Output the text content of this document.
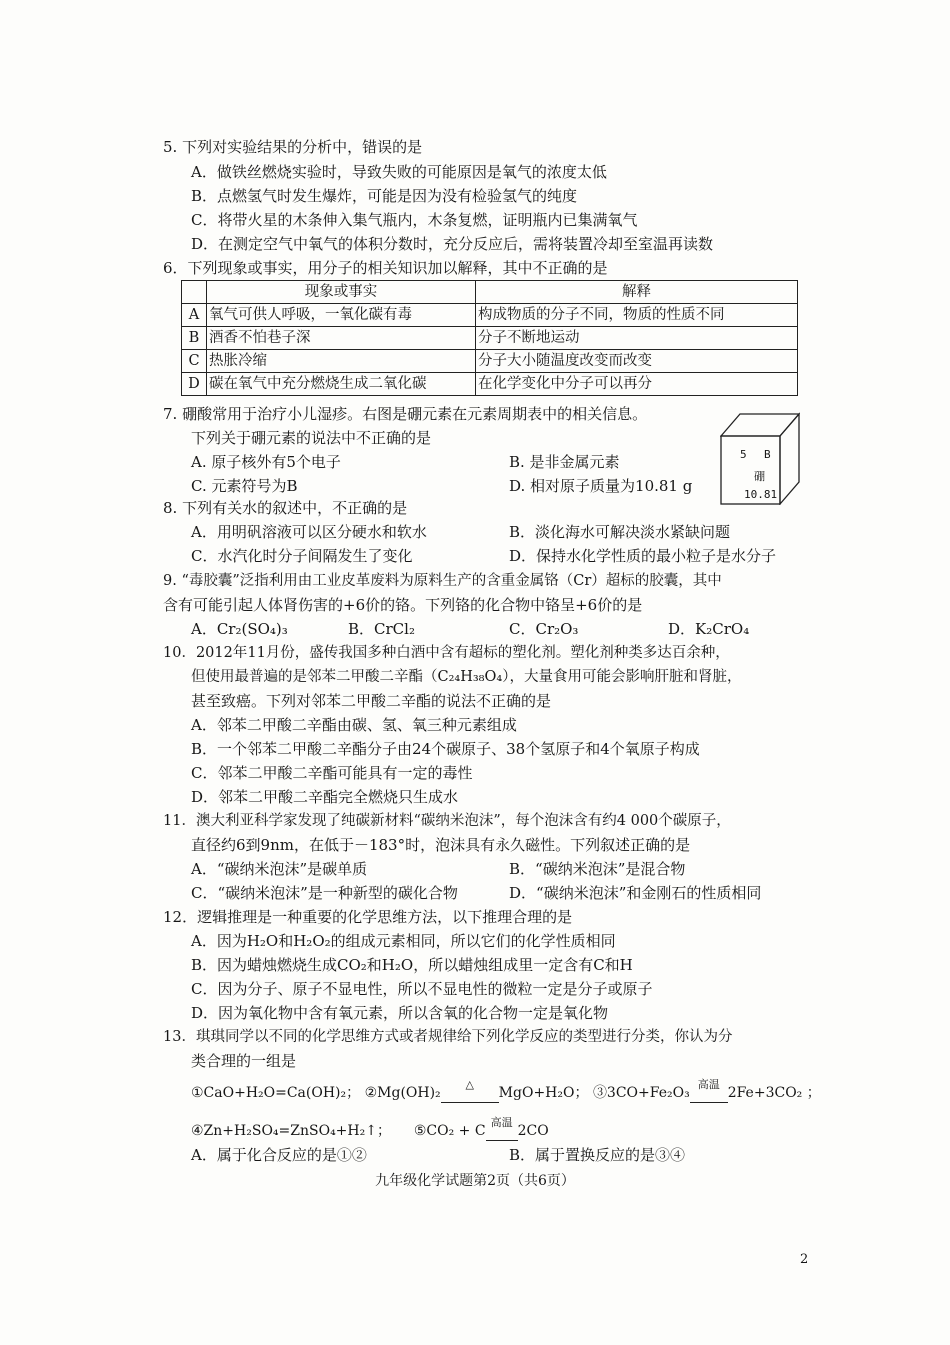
5. 下列对实验结果的分析中，错误的是
A．做铁丝燃烧实验时，导致失败的可能原因是氧气的浓度太低
B．点燃氢气时发生爆炸，可能是因为没有检验氢气的纯度
C．将带火星的木条伸入集气瓶内，木条复燃，证明瓶内已集满氧气
D．在测定空气中氧气的体积分数时，充分反应后，需将装置冷却至室温再读数
6．下列现象或事实，用分子的相关知识加以解释，其中不正确的是
	现象或事实	解释
A	氧气可供人呼吸，一氧化碳有毒	构成物质的分子不同，物质的性质不同
B	酒香不怕巷子深	分子不断地运动
C	热胀冷缩	分子大小随温度改变而改变
D	碳在氧气中充分燃烧生成二氧化碳	在化学变化中分子可以再分
7. 硼酸常用于治疗小儿湿疹。右图是硼元素在元素周期表中的相关信息。
下列关于硼元素的说法中不正确的是
A. 原子核外有5个电子	B. 是非金属元素
C. 元素符号为B	D. 相对原子质量为10.81 g
5 B
硼
10.81
8. 下列有关水的叙述中，不正确的是
A．用明矾溶液可以区分硬水和软水	B．淡化海水可解决淡水紧缺问题
C．水汽化时分子间隔发生了变化	D．保持水化学性质的最小粒子是水分子
9. “毒胶囊”泛指利用由工业皮革废料为原料生产的含重金属铬（Cr）超标的胶囊，其中
含有可能引起人体肾伤害的+6价的铬。下列铬的化合物中铬呈+6价的是
A．Cr₂(SO₄)₃	B．CrCl₂	C．Cr₂O₃	D．K₂CrO₄
10．2012年11月份，盛传我国多种白酒中含有超标的塑化剂。塑化剂种类多达百余种，
但使用最普遍的是邻苯二甲酸二辛酯（C₂₄H₃₈O₄），大量食用可能会影响肝脏和肾脏，
甚至致癌。下列对邻苯二甲酸二辛酯的说法不正确的是
A．邻苯二甲酸二辛酯由碳、氢、氧三种元素组成
B．一个邻苯二甲酸二辛酯分子由24个碳原子、38个氢原子和4个氧原子构成
C．邻苯二甲酸二辛酯可能具有一定的毒性
D．邻苯二甲酸二辛酯完全燃烧只生成水
11．澳大利亚科学家发现了纯碳新材料“碳纳米泡沫”，每个泡沫含有约4 000个碳原子，
直径约6到9nm，在低于－183°时，泡沫具有永久磁性。下列叙述正确的是
A．“碳纳米泡沫”是碳单质	B．“碳纳米泡沫”是混合物
C．“碳纳米泡沫”是一种新型的碳化合物	D．“碳纳米泡沫”和金刚石的性质相同
12．逻辑推理是一种重要的化学思维方法，以下推理合理的是
A．因为H₂O和H₂O₂的组成元素相同，所以它们的化学性质相同
B．因为蜡烛燃烧生成CO₂和H₂O，所以蜡烛组成里一定含有C和H
C．因为分子、原子不显电性，所以不显电性的微粒一定是分子或原子
D．因为氧化物中含有氧元素，所以含氧的化合物一定是氧化物
13．琪琪同学以不同的化学思维方式或者规律给下列化学反应的类型进行分类，你认为分
类合理的一组是
①CaO+H₂O=Ca(OH)₂； ②Mg(OH)₂
△
MgO+H₂O； ③3CO+Fe₂O₃
高温
2Fe+3CO₂ ；
④Zn+H₂SO₄=ZnSO₄+H₂↑； ⑤CO₂ + C
高温
2CO
A．属于化合反应的是①②	B．属于置换反应的是③④
九年级化学试题第2页（共6页）
2
